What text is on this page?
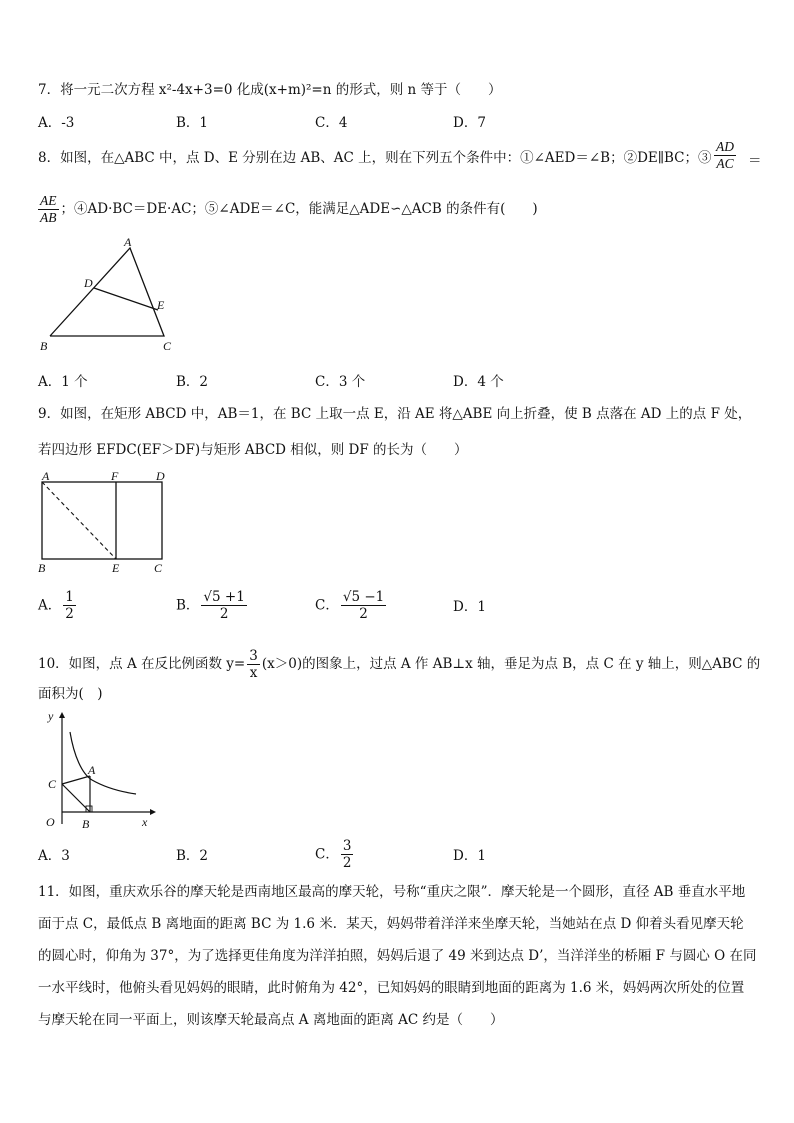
7．将一元二次方程 x²-4x+3=0 化成(x+m)²=n 的形式，则 n 等于（　　）
A．-3	B．1	C．4	D．7
8．如图，在△ABC 中，点 D、E 分别在边 AB、AC 上，则在下列五个条件中：①∠AED＝∠B；②DE∥BC；③ $\frac{AD}{AC}$ ＝
$\frac{AE}{AB}$ ；④AD·BC＝DE·AC；⑤∠ADE＝∠C，能满足△ADE∽△ACB 的条件有(　　)
A
D
E
B	C
A．1 个	B．2	C．3 个	D．4 个
9．如图，在矩形 ABCD 中，AB＝1，在 BC 上取一点 E，沿 AE 将△ABE 向上折叠，使 B 点落在 AD 上的点 F 处，
若四边形 EFDC(EF＞DF)与矩形 ABCD 相似，则 DF 的长为（　　）
A	F	D
B	E	C
A． $\frac{1}{2}$	B． $\frac{√5 +1}{2}$	C． $\frac{√5 -1}{2}$	D．1
10．如图，点 A 在反比例函数 $y= \frac{3}{x} (x>0)$的图象上，过点 A 作 AB⊥x 轴，垂足为点 B，点 C 在 y 轴上，则△ABC 的
面积为(　)
y
x
O
A
B
C
A．3	B．2	C． $\frac{3}{2}$	D．1
11．如图，重庆欢乐谷的摩天轮是西南地区最高的摩天轮，号称“重庆之限”．摩天轮是一个圆形，直径 AB 垂直水平地
面于点 C，最低点 B 离地面的距离 BC 为 1.6 米．某天，妈妈带着洋洋来坐摩天轮，当她站在点 D 仰着头看见摩天轮
的圆心时，仰角为 37°，为了选择更佳角度为洋洋拍照，妈妈后退了 49 米到达点 D’，当洋洋坐的桥厢 F 与圆心 O 在同
一水平线时，他俯头看见妈妈的眼睛，此时俯角为 42°，已知妈妈的眼睛到地面的距离为 1.6 米，妈妈两次所处的位置
与摩天轮在同一平面上，则该摩天轮最高点 A 离地面的距离 AC 约是（　　）
